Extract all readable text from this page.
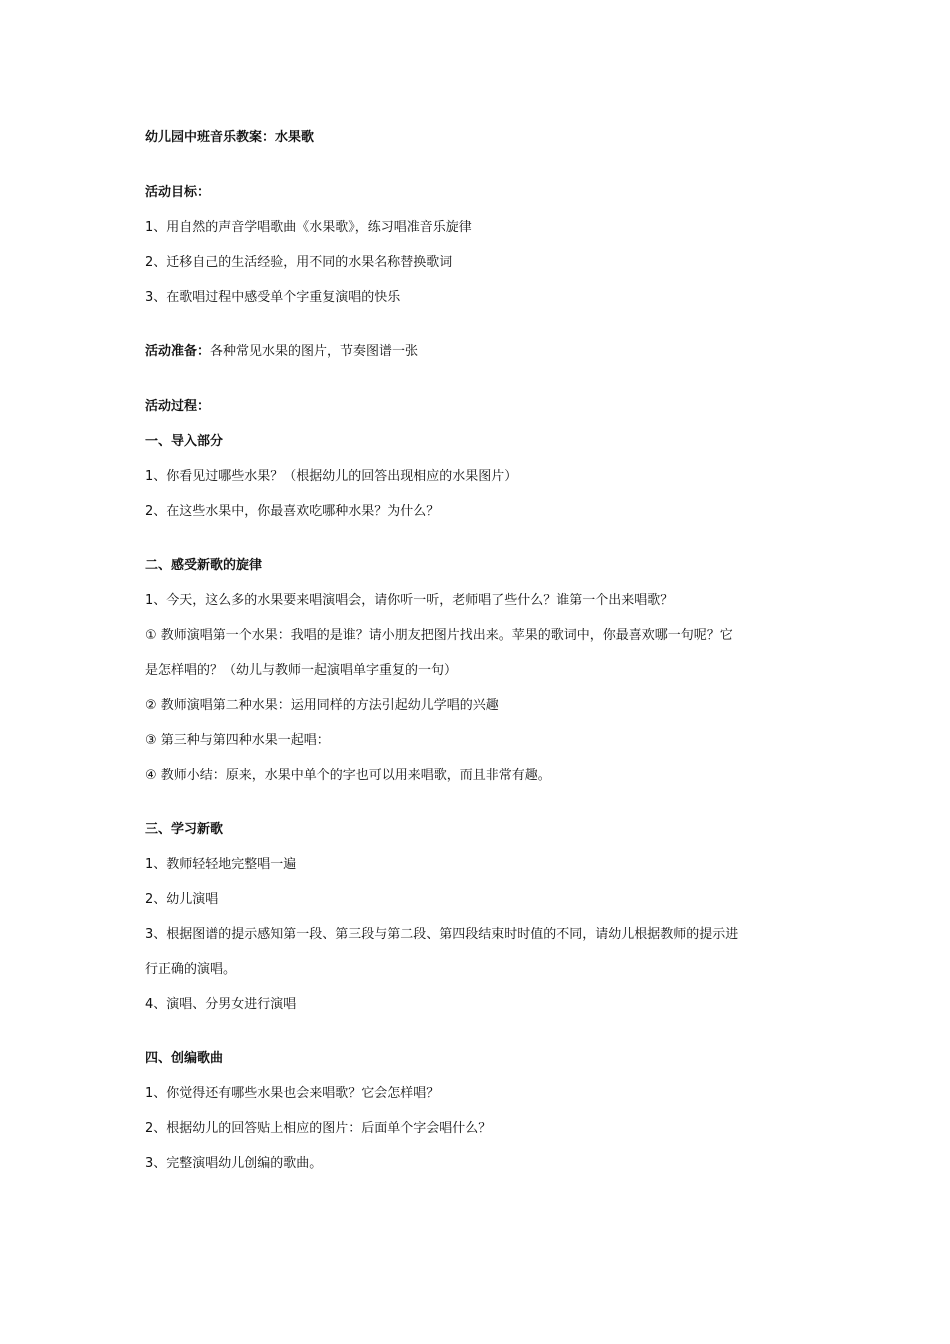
幼儿园中班音乐教案：水果歌
活动目标：
1、用自然的声音学唱歌曲《水果歌》，练习唱准音乐旋律
2、迁移自己的生活经验，用不同的水果名称替换歌词
3、在歌唱过程中感受单个字重复演唱的快乐
活动准备：各种常见水果的图片，节奏图谱一张
活动过程：
一、导入部分
1、你看见过哪些水果？（根据幼儿的回答出现相应的水果图片）
2、在这些水果中，你最喜欢吃哪种水果？为什么？
二、感受新歌的旋律
1、今天，这么多的水果要来唱演唱会，请你听一听，老师唱了些什么？谁第一个出来唱歌？
① 教师演唱第一个水果：我唱的是谁？请小朋友把图片找出来。苹果的歌词中，你最喜欢哪一句呢？它
是怎样唱的？（幼儿与教师一起演唱单字重复的一句）
② 教师演唱第二种水果：运用同样的方法引起幼儿学唱的兴趣
③ 第三种与第四种水果一起唱：
④ 教师小结：原来，水果中单个的字也可以用来唱歌，而且非常有趣。
三、学习新歌
1、教师轻轻地完整唱一遍
2、幼儿演唱
3、根据图谱的提示感知第一段、第三段与第二段、第四段结束时时值的不同，请幼儿根据教师的提示进
行正确的演唱。
4、演唱、分男女进行演唱
四、创编歌曲
1、你觉得还有哪些水果也会来唱歌？它会怎样唱？
2、根据幼儿的回答贴上相应的图片：后面单个字会唱什么？
3、完整演唱幼儿创编的歌曲。
